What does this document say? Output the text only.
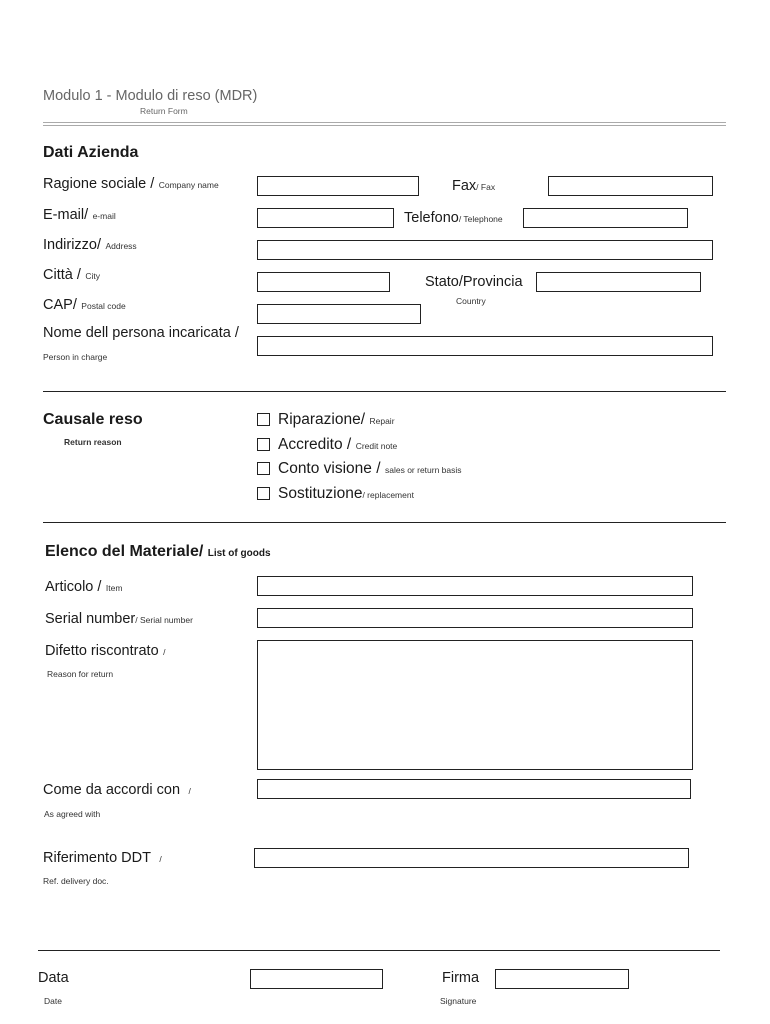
Modulo 1 - Modulo di reso (MDR)
Return Form
Dati Azienda
Ragione sociale / Company name	Fax/ Fax
E-mail/ e-mail	Telefono/ Telephone
Indirizzo/ Address
Città / City	Stato/Provincia
Country
CAP/ Postal code
Nome dell persona incaricata /
Person in charge
Causale reso
Return reason
Riparazione/ Repair
Accredito / Credit note
Conto visione / sales or return basis
Sostituzione/ replacement
Elenco del Materiale/ List of goods
Articolo / Item
Serial number/ Serial number
Difetto riscontrato /
Reason for return
Come da accordi con /
As agreed with
Riferimento DDT /
Ref. delivery doc.
Data
Date
Firma
Signature
